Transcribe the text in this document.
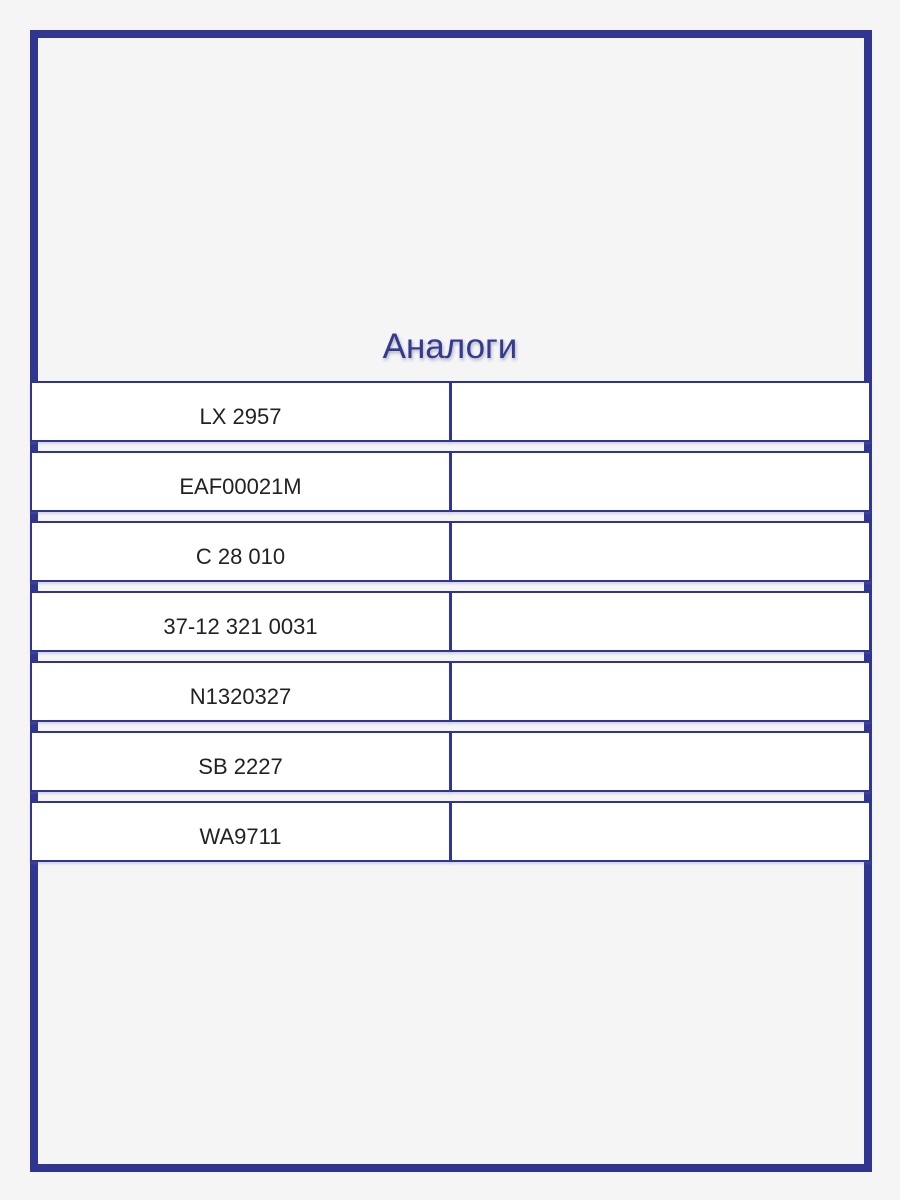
Аналоги
LX 2957
EAF00021M
C 28 010
37-12 321 0031
N1320327
SB 2227
WA9711
